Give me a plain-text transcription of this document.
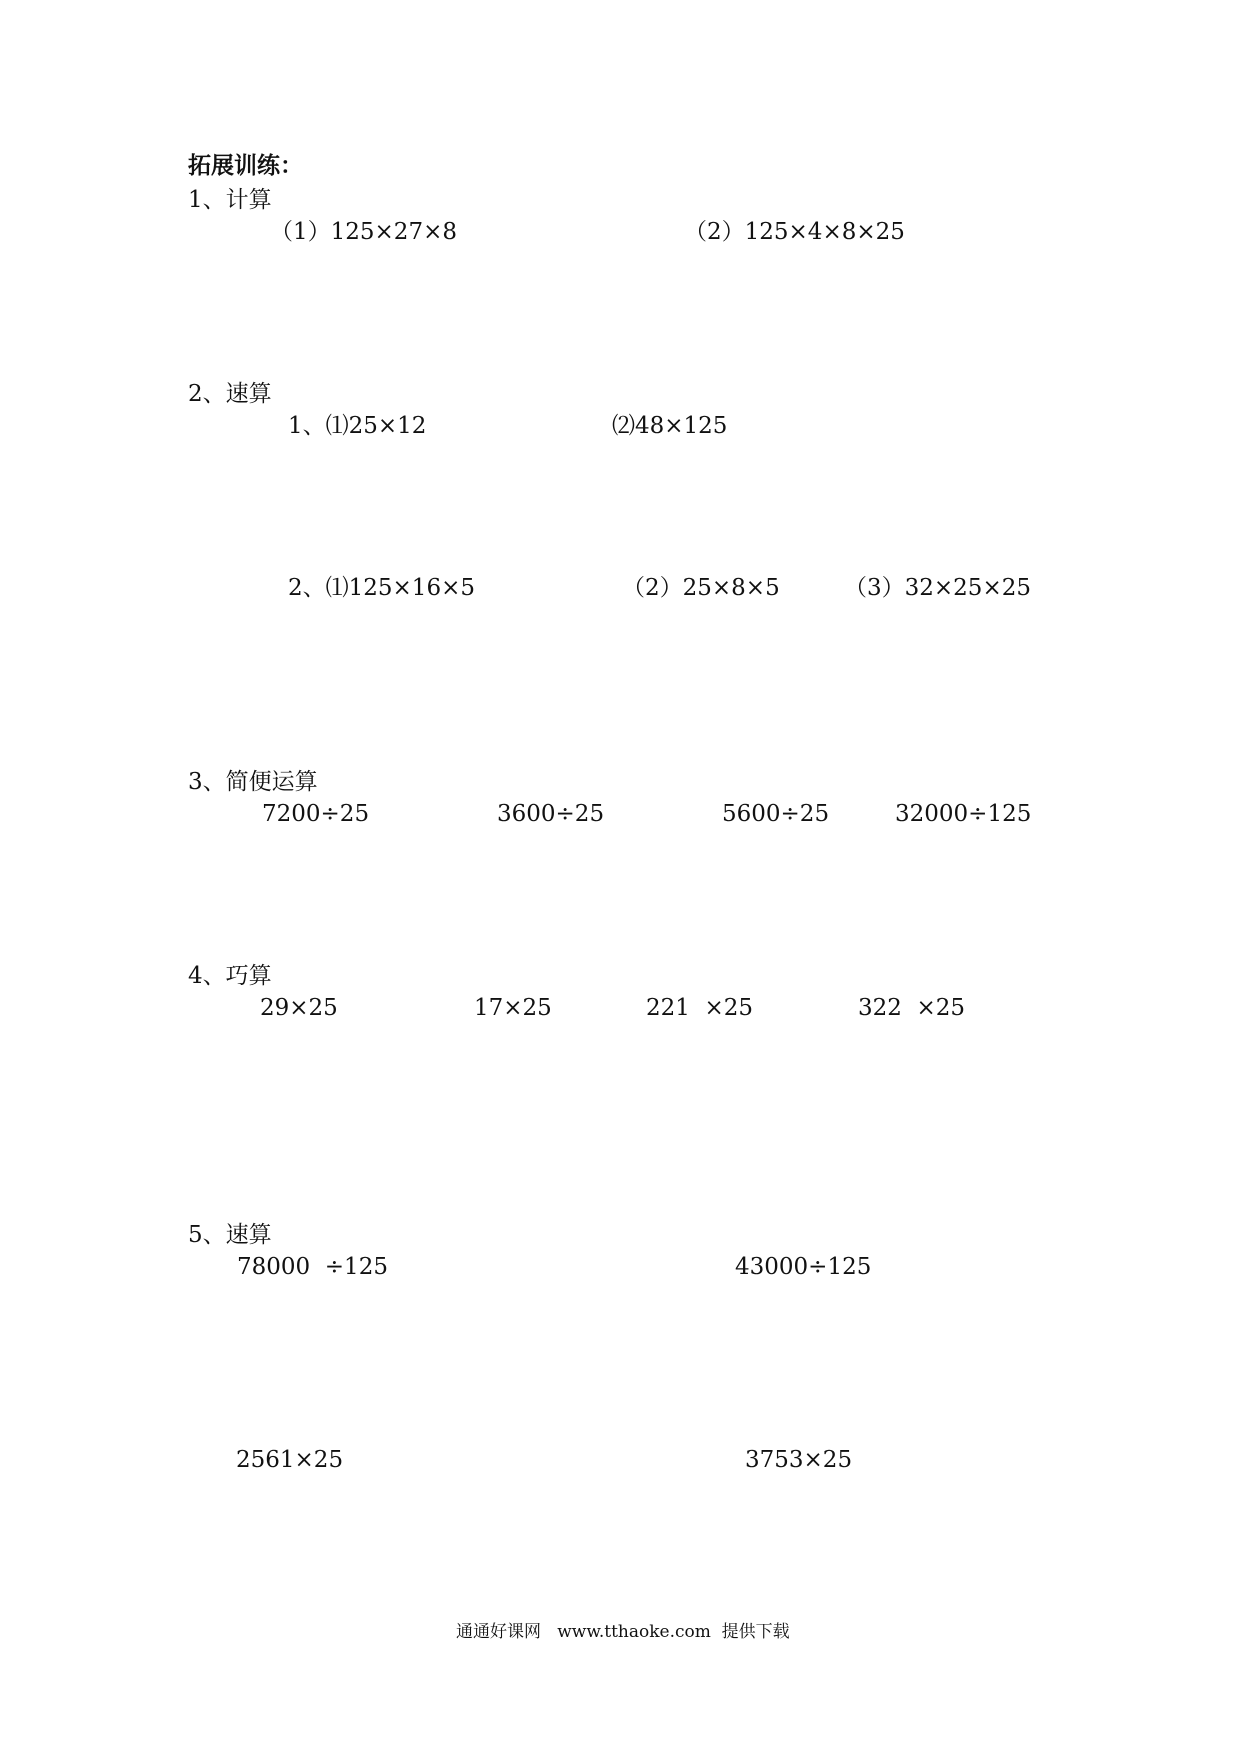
拓展训练：
1、计算
（1）125×27×8	（2）125×4×8×25
2、速算
1、⑴25×12	⑵48×125
2、⑴125×16×5	（2）25×8×5	（3）32×25×25
3、简便运算
7200÷25	3600÷25	5600÷25	32000÷125
4、巧算
29×25	17×25	221  ×25	322  ×25
5、速算
78000  ÷125	43000÷125
2561×25	3753×25
通通好课网   www.tthaoke.com  提供下载
